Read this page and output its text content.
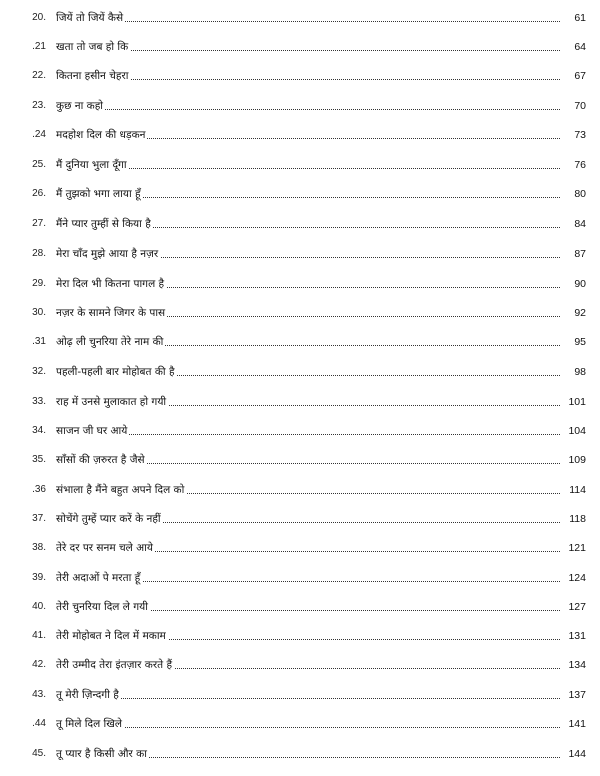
20. जियें तो जियें कैसे	61
.21 खता तो जब हो कि	64
22. कितना हसीन चेहरा	67
23. कुछ ना कहो	70
.24 मदहोश दिल की धड़कन	73
25. मैं दुनिया भुला दूँगा	76
26. मैं तुझको भगा लाया हूँ	80
27. मैंने प्यार तुम्हीं से किया है	84
28. मेरा चाँद मुझे आया है नज़र	87
29. मेरा दिल भी कितना पागल है	90
30. नज़र के सामने जिगर के पास	92
.31 ओढ़ ली चुनरिया तेरे नाम की	95
32. पहली-पहली बार मोहोबत की है	98
33. राह में उनसे मुलाकात हो गयी	101
34. साजन जी घर आये	104
35. साँसों की ज़रुरत है जैसे	109
.36 संभाला है मैंने बहुत अपने दिल को	114
37. सोचेंगे तुम्हें प्यार करें के नहीं	118
38. तेरे दर पर सनम चले आये	121
39. तेरी अदाओं पे मरता हूँ	124
40. तेरी चुनरिया दिल ले गयी	127
41. तेरी मोहोबत ने दिल में मकाम	131
42. तेरी उम्मीद तेरा इंतज़ार करते हैं	134
43. तू मेरी ज़िन्दगी है	137
.44 तू मिले दिल खिले	141
45. तू प्यार है किसी और का	144
